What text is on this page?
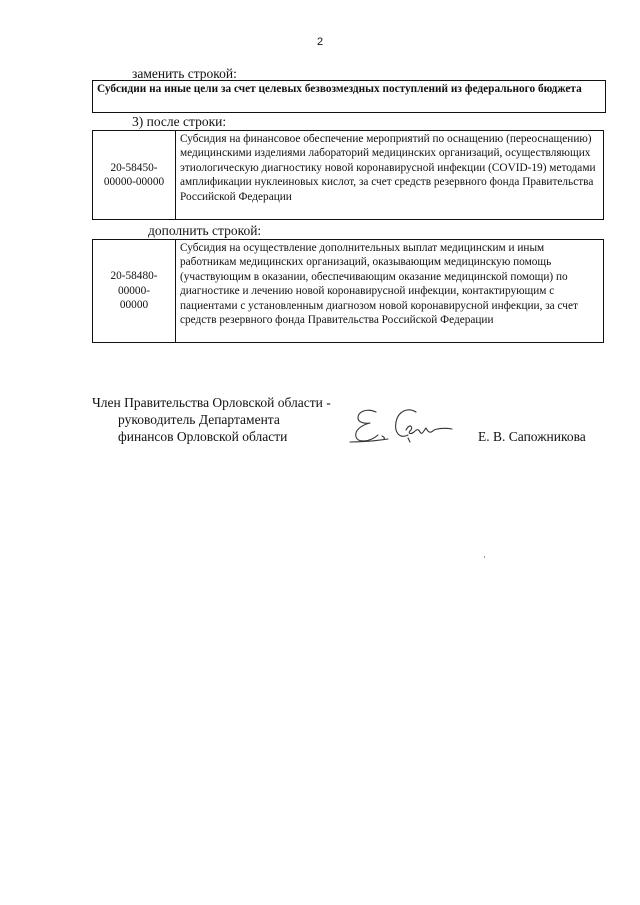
2
заменить строкой:
Субсидии на иные цели за счет целевых безвозмездных поступлений из федерального бюджета
3) после строки:
20-58450-
00000-00000	Субсидия на финансовое обеспечение мероприятий по оснащению (переоснащению) медицинскими изделиями лабораторий медицинских организаций, осуществляющих этиологическую диагностику новой коронавирусной инфекции (COVID-19) методами амплификации нуклеиновых кислот, за счет средств резервного фонда Правительства Российской Федерации
дополнить строкой:
20-58480-
00000-
00000	Субсидия на осуществление дополнительных выплат медицинским и иным работникам медицинских организаций, оказывающим медицинскую помощь (участвующим в оказании, обеспечивающим оказание медицинской помощи) по диагностике и лечению новой коронавирусной инфекции, контактирующим с пациентами с установленным диагнозом новой коронавирусной инфекции, за счет средств резервного фонда Правительства Российской Федерации
Член Правительства Орловской области -
руководитель Департамента
финансов Орловской области	Е. В. Сапожникова
